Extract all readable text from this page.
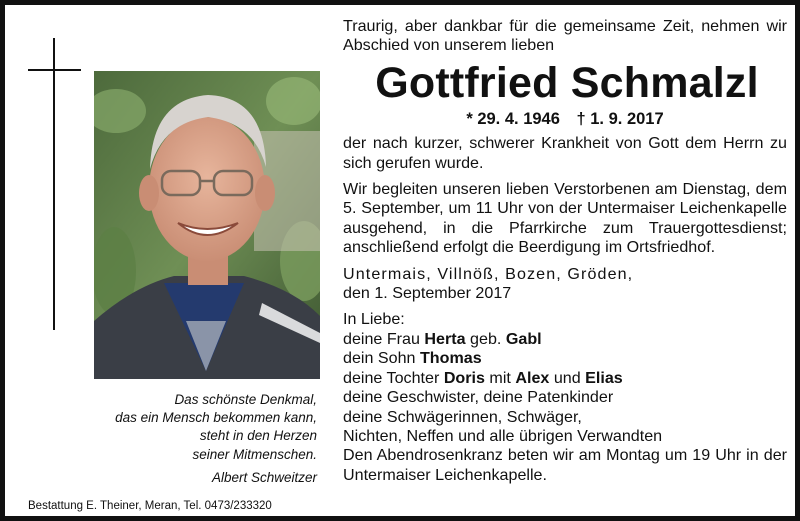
Das schönste Denkmal,
das ein Mensch bekommen kann,
steht in den Herzen
seiner Mitmenschen.
Albert Schweitzer
Bestattung E. Theiner, Meran, Tel. 0473/233320
Traurig, aber dankbar für die gemeinsame Zeit, nehmen wir Abschied von unserem lieben
Gottfried Schmalzl
* 29. 4. 1946 † 1. 9. 2017
der nach kurzer, schwerer Krankheit von Gott dem Herrn zu sich gerufen wurde.
Wir begleiten unseren lieben Verstorbenen am Dienstag, dem 5. September, um 11 Uhr von der Untermaiser Leichenkapelle ausgehend, in die Pfarrkirche zum Trauergottesdienst; anschließend erfolgt die Beerdigung im Ortsfriedhof.
Untermais, Villnöß, Bozen, Gröden,
den 1. September 2017
In Liebe:
deine Frau Herta geb. Gabl
dein Sohn Thomas
deine Tochter Doris mit Alex und Elias
deine Geschwister, deine Patenkinder
deine Schwägerinnen, Schwäger,
Nichten, Neffen und alle übrigen Verwandten
Den Abendrosenkranz beten wir am Montag um 19 Uhr in der Untermaiser Leichenkapelle.
